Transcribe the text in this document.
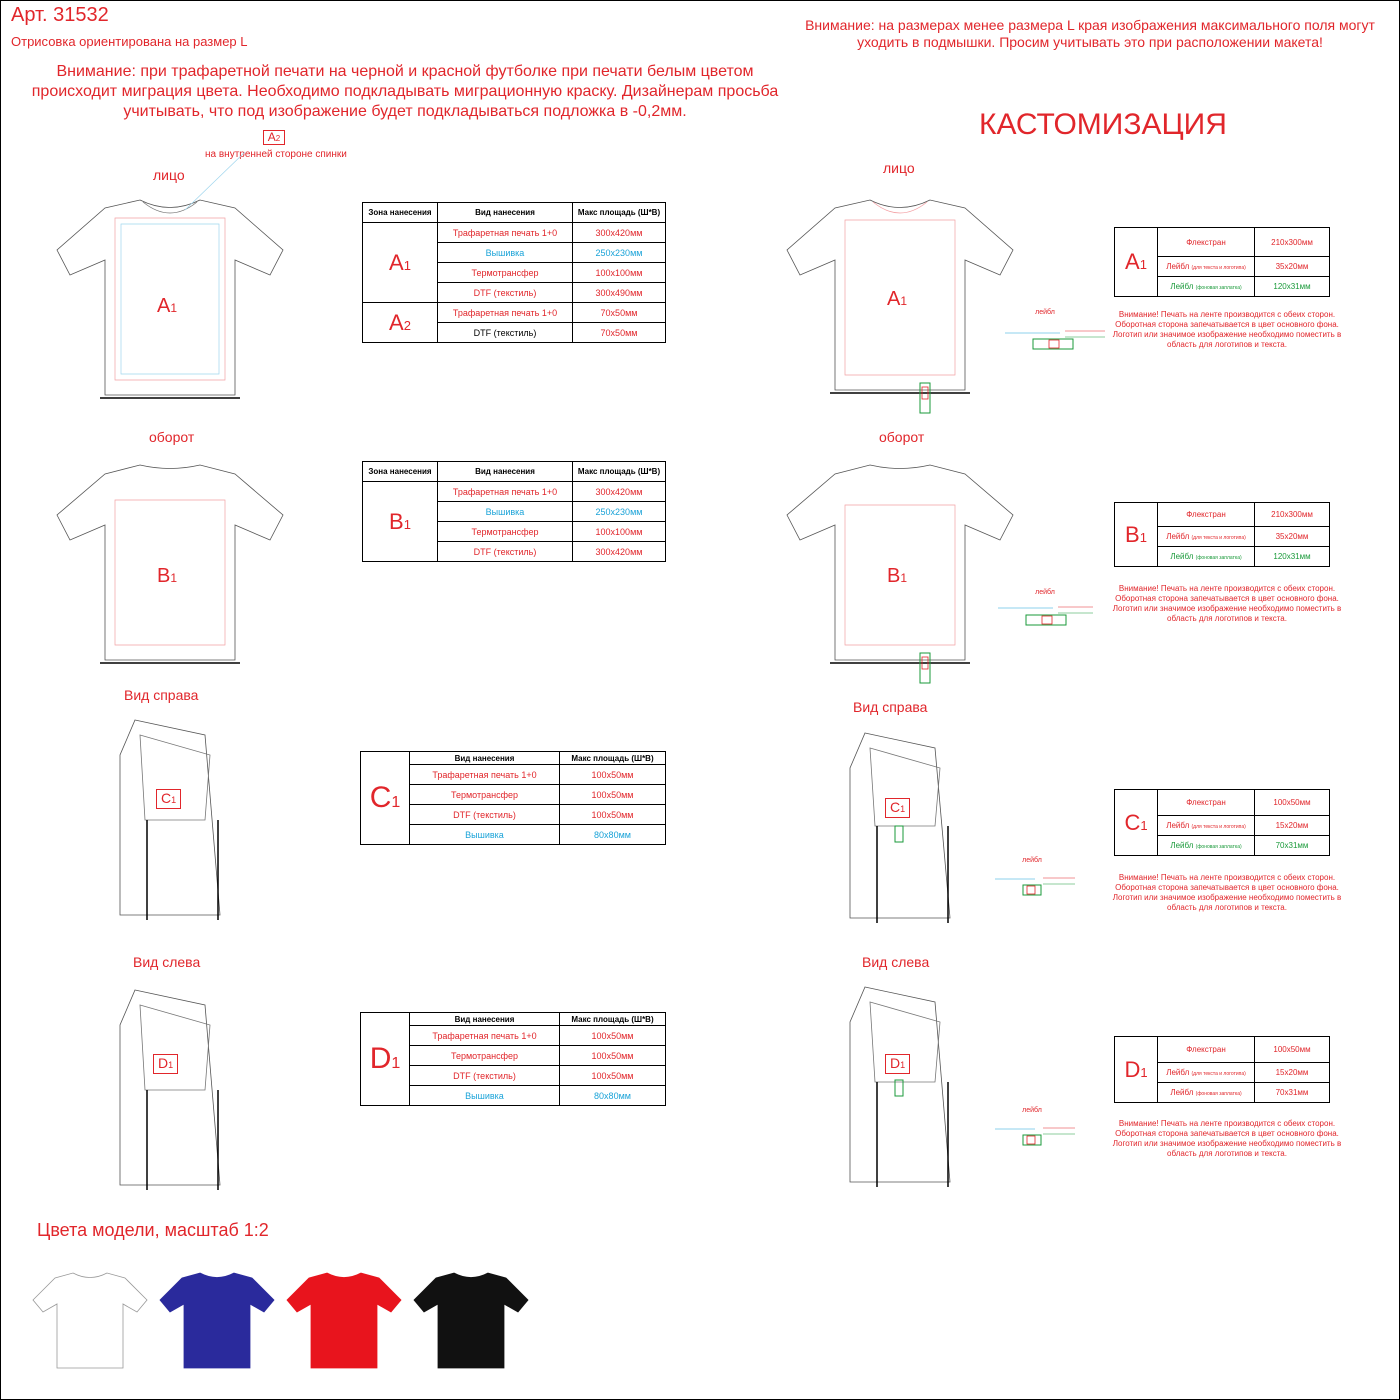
Арт. 31532
Отрисовка ориентирована на размер L
Внимание: при трафаретной печати на черной и красной футболке при печати белым цветом происходит миграция цвета. Необходимо подкладывать миграционную краску. Дизайнерам просьба учитывать, что под изображение будет подкладываться подложка в -0,2мм.
Внимание: на размерах менее размера L края изображения максимального поля могут уходить в подмышки. Просим учитывать это при расположении макета!
КАСТОМИЗАЦИЯ
A2
на внутренней стороне спинки
лицо
оборот
Вид справа
Вид слева
A1
B1
C1
D1
Зона нанесения	Вид нанесения	Макс площадь (Ш*В)
A1	Трафаретная печать 1+0	300х420мм
	Вышивка	250х230мм
	Термотрансфер	100х100мм
	DTF (текстиль)	300х490мм
A2	Трафаретная печать 1+0	70х50мм
	DTF (текстиль)	70х50мм
Зона нанесения	Вид нанесения	Макс площадь (Ш*В)
B1	Трафаретная печать 1+0	300х420мм
	Вышивка	250х230мм
	Термотрансфер	100х100мм
	DTF (текстиль)	300х420мм
C1	Вид нанесения	Макс площадь (Ш*В)
	Трафаретная печать 1+0	100х50мм
	Термотрансфер	100х50мм
	DTF (текстиль)	100х50мм
	Вышивка	80х80мм
D1	Вид нанесения	Макс площадь (Ш*В)
	Трафаретная печать 1+0	100х50мм
	Термотрансфер	100х50мм
	DTF (текстиль)	100х50мм
	Вышивка	80х80мм
лицо
оборот
Вид справа
Вид слева
A1
B1
C1
D1
лейбл
лейбл
лейбл
лейбл
A1	Флекстран	210х300мм
	Лейбл (для текста и логотипа)	35х20мм
	Лейбл (фоновая заплатка)	120х31мм
Внимание! Печать на ленте производится с обеих сторон. Оборотная сторона запечатывается в цвет основного фона. Логотип или значимое изображение необходимо поместить в область для логотипов и текста.
B1	Флекстран	210х300мм
	Лейбл (для текста и логотипа)	35х20мм
	Лейбл (фоновая заплатка)	120х31мм
Внимание! Печать на ленте производится с обеих сторон. Оборотная сторона запечатывается в цвет основного фона. Логотип или значимое изображение необходимо поместить в область для логотипов и текста.
C1	Флекстран	100х50мм
	Лейбл (для текста и логотипа)	15х20мм
	Лейбл (фоновая заплатка)	70х31мм
Внимание! Печать на ленте производится с обеих сторон. Оборотная сторона запечатывается в цвет основного фона. Логотип или значимое изображение необходимо поместить в область для логотипов и текста.
D1	Флекстран	100х50мм
	Лейбл (для текста и логотипа)	15х20мм
	Лейбл (фоновая заплатка)	70х31мм
Внимание! Печать на ленте производится с обеих сторон. Оборотная сторона запечатывается в цвет основного фона. Логотип или значимое изображение необходимо поместить в область для логотипов и текста.
Цвета модели, масштаб 1:2
